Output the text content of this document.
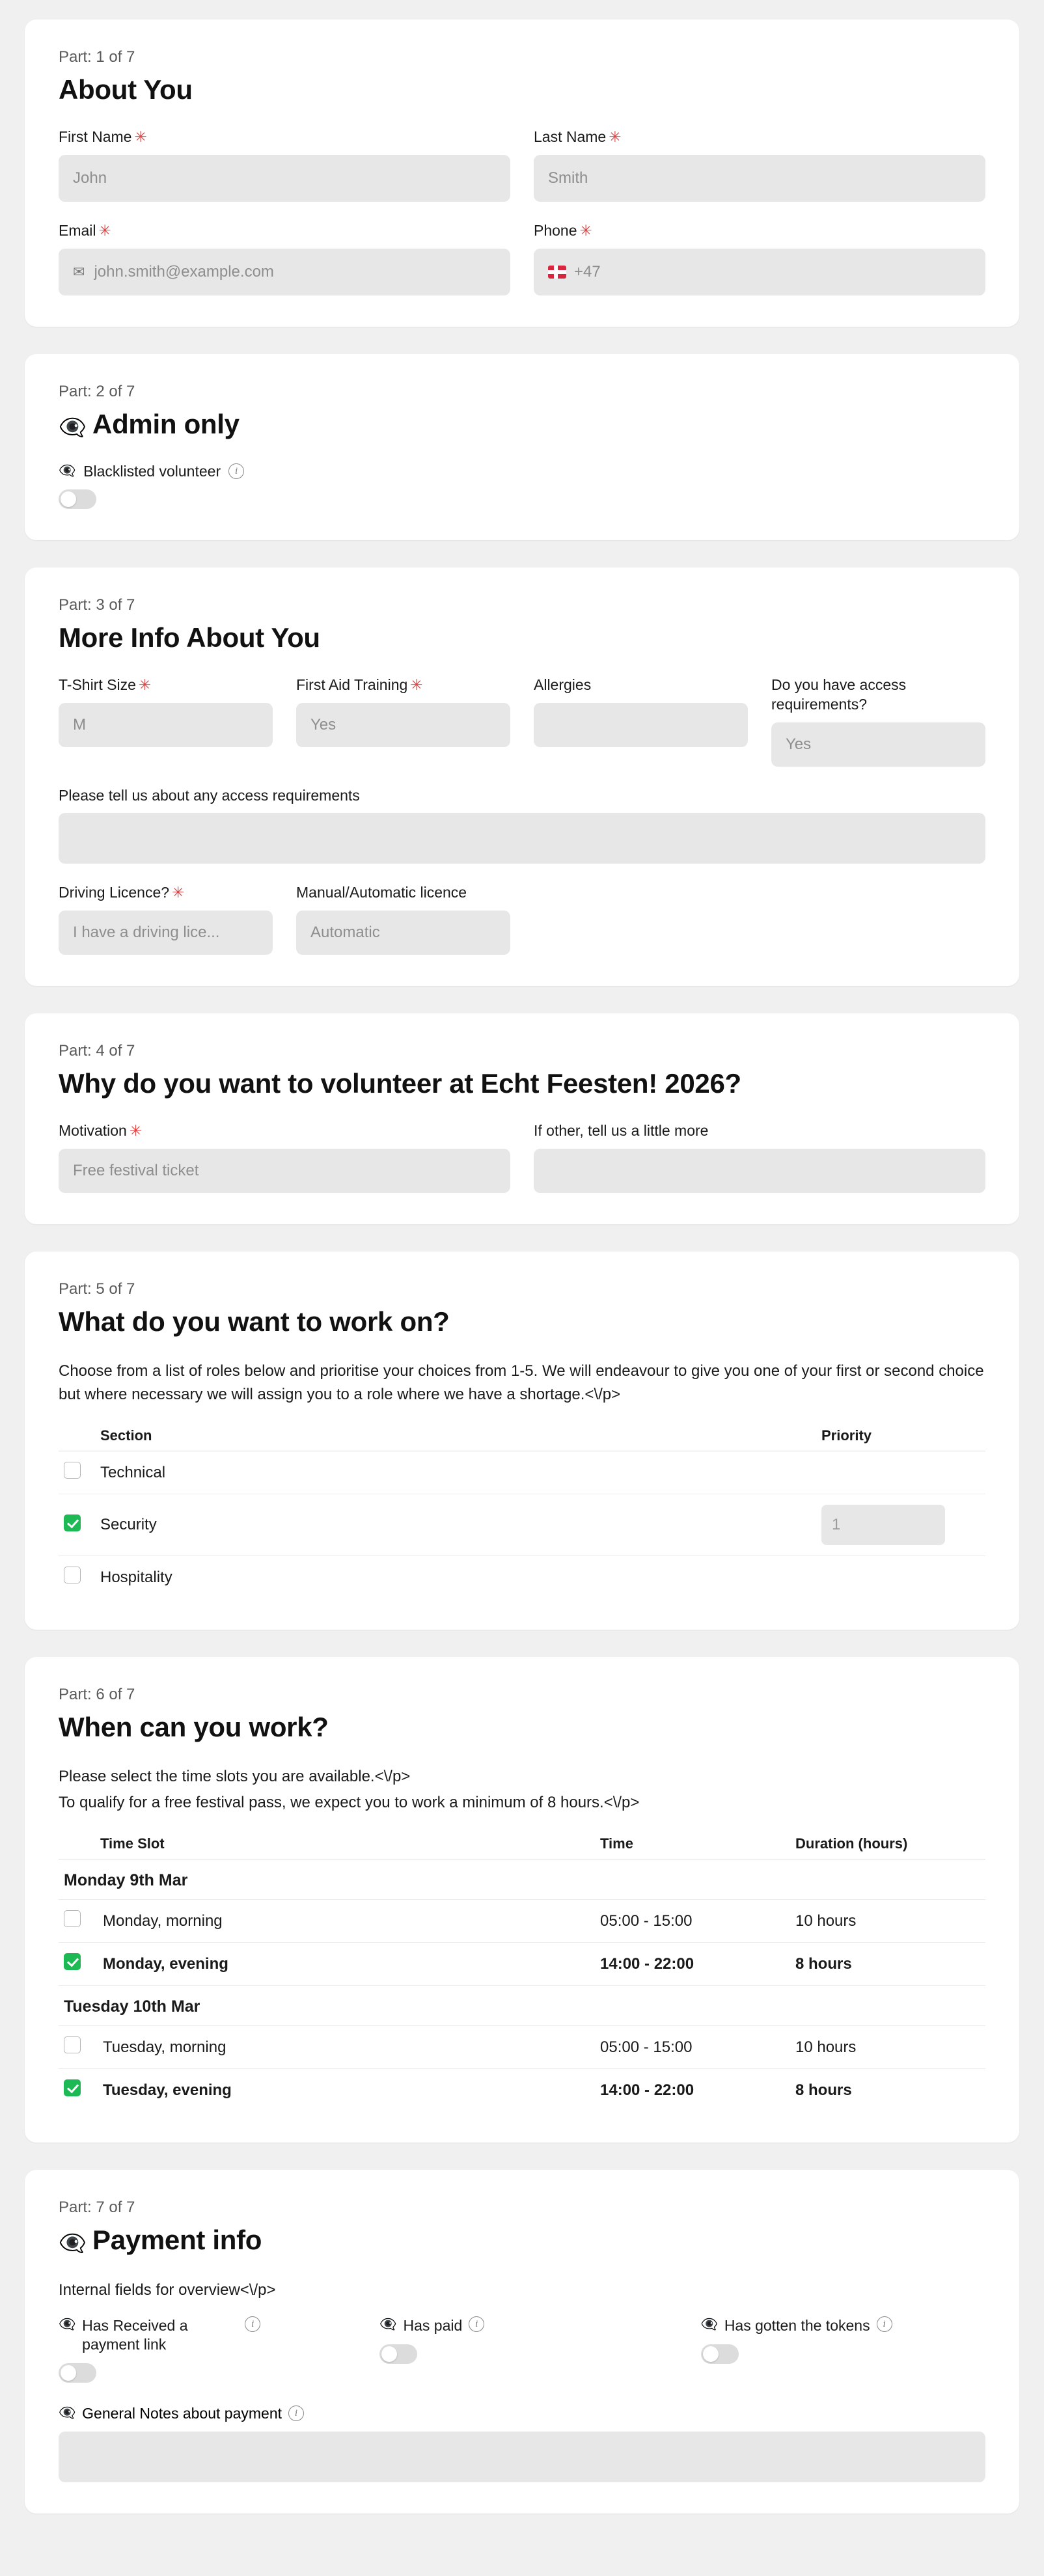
Part: 1 of 7
About You
First Name ✳
John
Last Name ✳
Smith
Email ✳
✉ john.smith@example.com
Phone ✳
+47
Part: 2 of 7
👁‍🗨 Admin only
👁‍🗨 Blacklisted volunteer	i
Part: 3 of 7
More Info About You
T-Shirt Size ✳
M
First Aid Training ✳
Yes
Allergies	Do you have access requirements?
Yes
Please tell us about any access requirements
Driving Licence? ✳
I have a driving lice...
Manual/Automatic licence
Automatic
Part: 4 of 7
Why do you want to volunteer at Echt Feesten! 2026?
Motivation ✳
Free festival ticket
If other, tell us a little more
Part: 5 of 7
What do you want to work on?

Choose from a list of roles below and prioritise your choices from 1-5. We will endeavour to give you one of your first or second choice but where necessary we will assign you to a role where we have a shortage.<\/p>

	Section	Priority
	Technical	
	Security	1

	Hospitality	
Part: 6 of 7
When can you work?

Please select the time slots you are available.<\/p>

To qualify for a free festival pass, we expect you to work a minimum of 8 hours.<\/p>

	Time Slot	Time	Duration (hours)
Monday 9th Mar			
	Monday, morning	05:00 - 15:00	10 hours
	Monday, evening	14:00 - 22:00	8 hours
Tuesday 10th Mar			
	Tuesday, morning	05:00 - 15:00	10 hours
	Tuesday, evening	14:00 - 22:00	8 hours
Part: 7 of 7
👁‍🗨 Payment info

Internal fields for overview<\/p>

👁‍🗨 Has Received a payment link
i	👁‍🗨 Has paid	i	👁‍🗨 Has gotten the tokens	i
👁‍🗨 General Notes about payment	i
